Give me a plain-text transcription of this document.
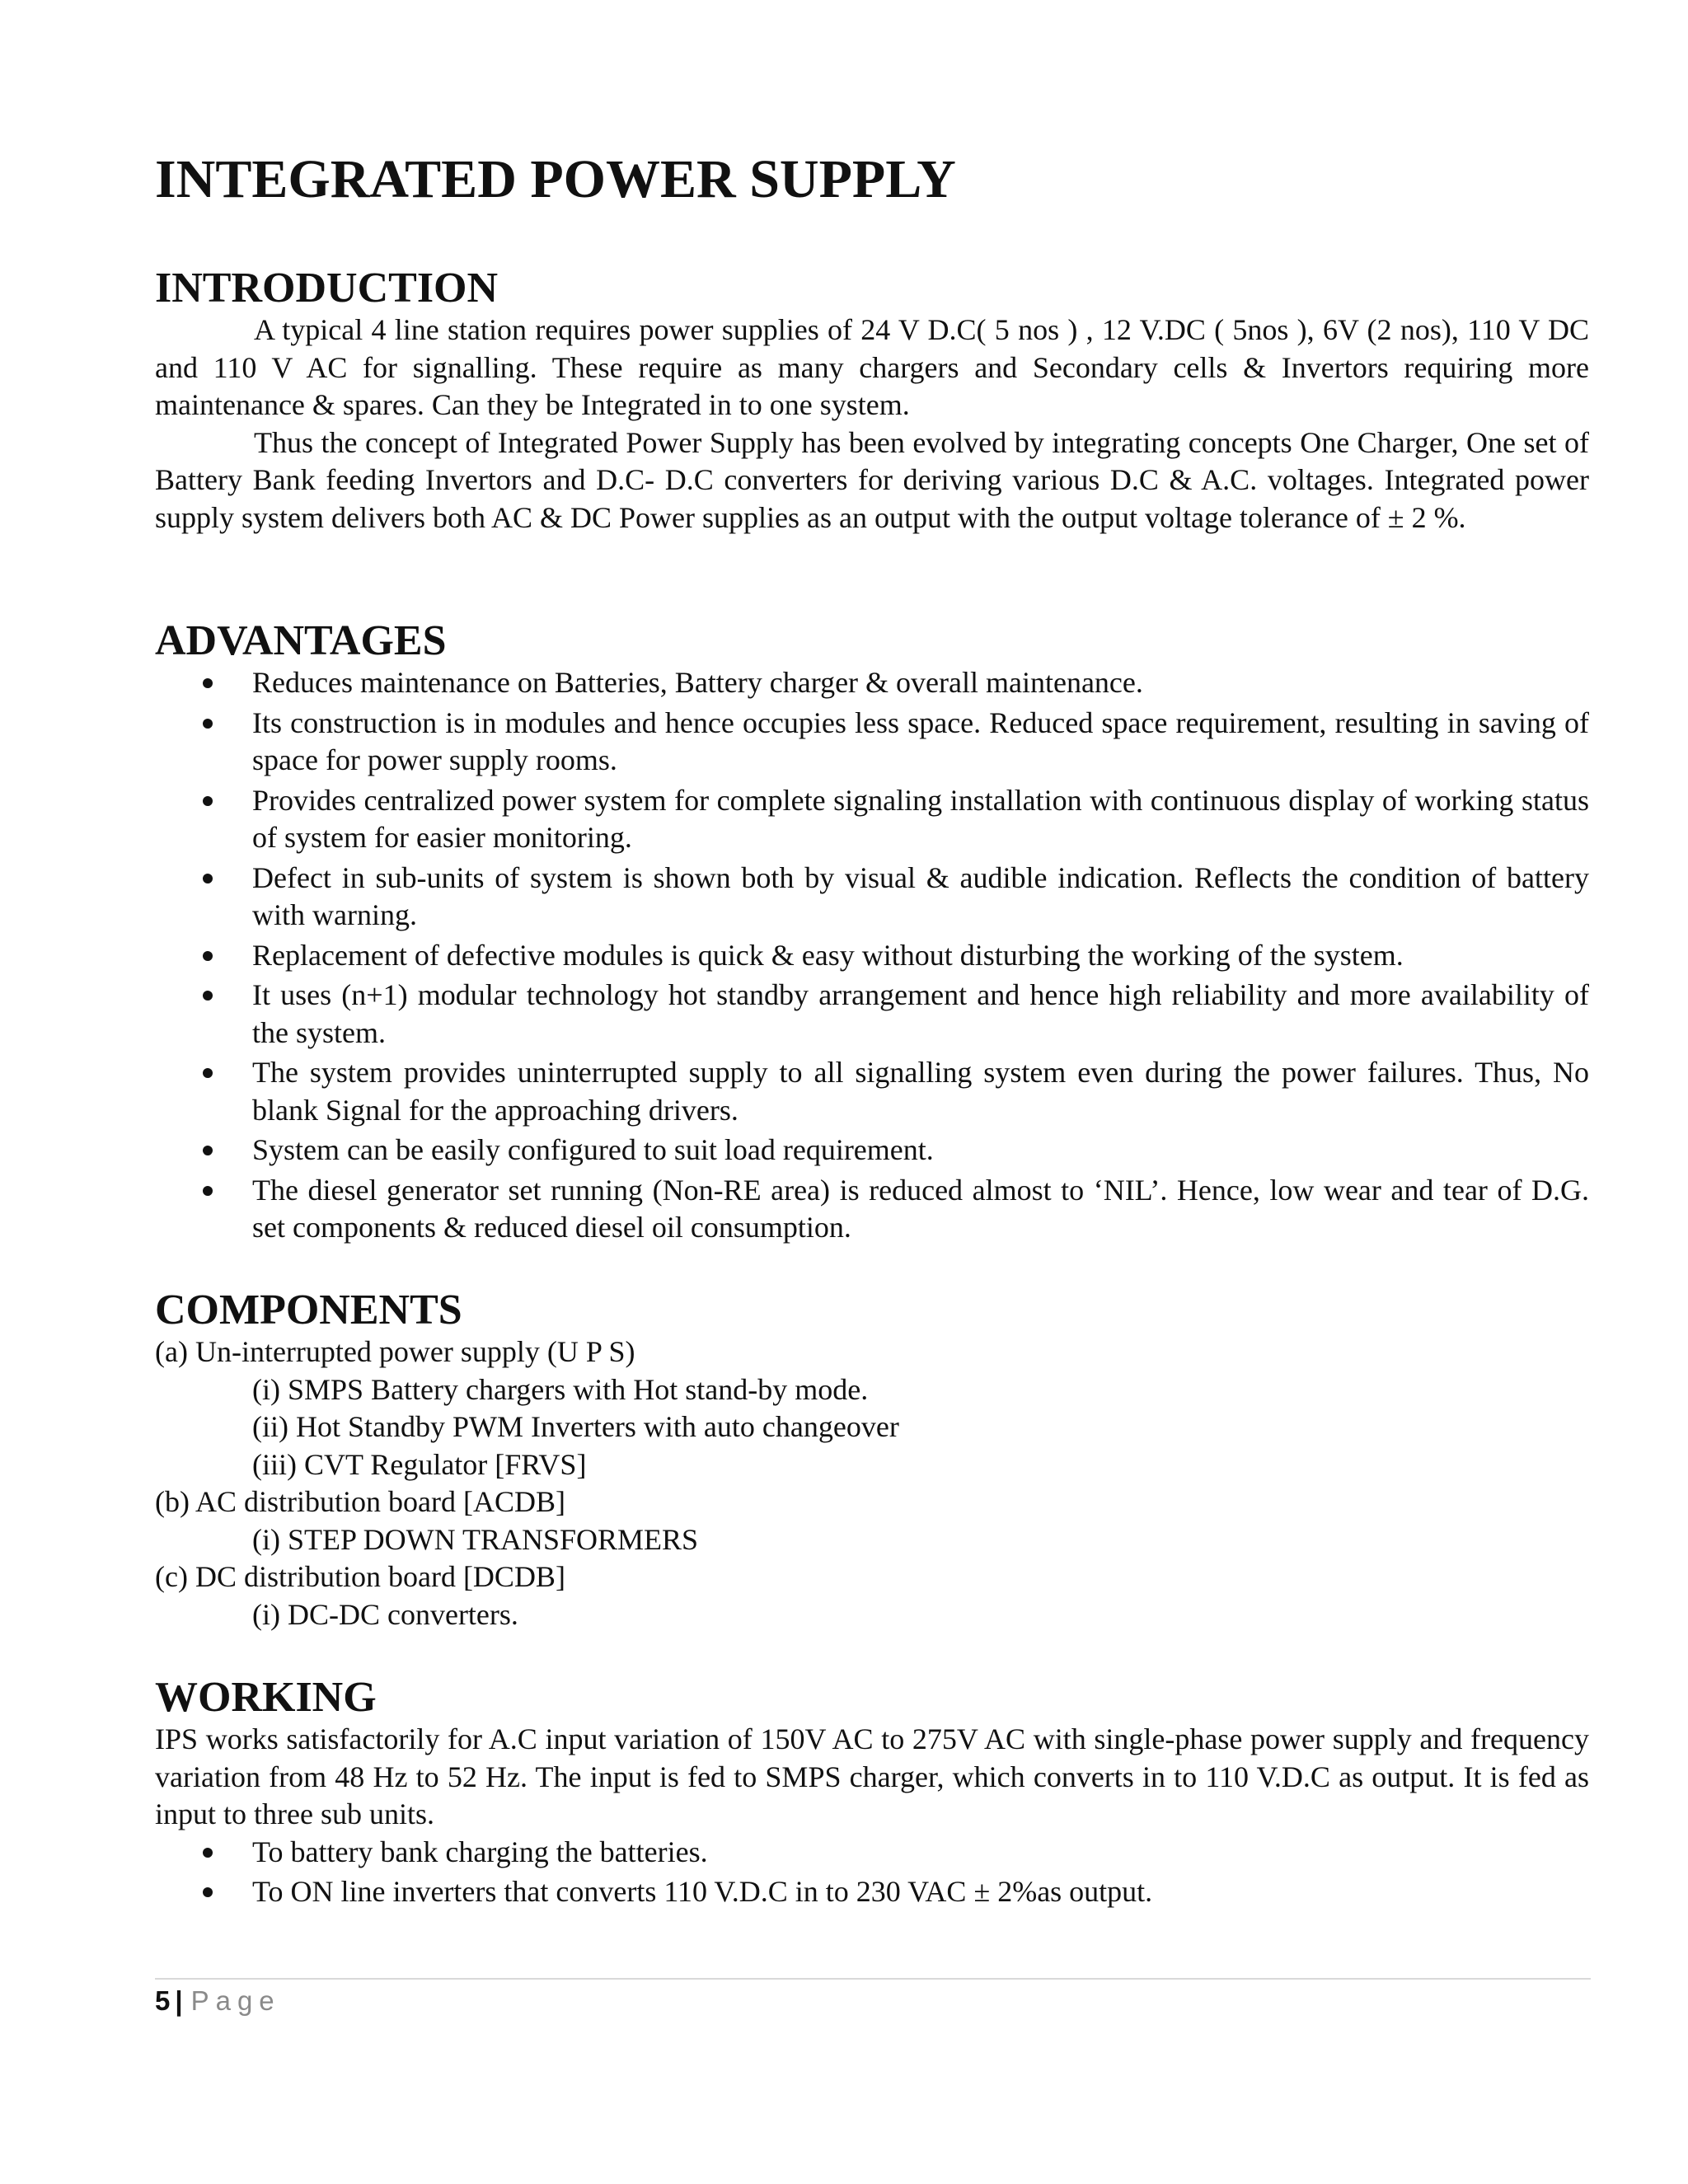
INTEGRATED POWER SUPPLY
INTRODUCTION

A typical 4 line station requires power supplies of 24 V D.C( 5 nos ) , 12 V.DC ( 5nos ), 6V (2 nos), 110 V DC and 110 V AC for signalling. These require as many chargers and Secondary cells & Invertors requiring more maintenance & spares. Can they be Integrated in to one system.

Thus the concept of Integrated Power Supply has been evolved by integrating concepts One Charger, One set of Battery Bank feeding Invertors and D.C- D.C converters for deriving various D.C & A.C. voltages. Integrated power supply system delivers both AC & DC Power supplies as an output with the output voltage tolerance of ± 2 %.

ADVANTAGES
Reduces maintenance on Batteries, Battery charger & overall maintenance.
Its construction is in modules and hence occupies less space. Reduced space requirement, resulting in saving of space for power supply rooms.
Provides centralized power system for complete signaling installation with continuous display of working status of system for easier monitoring.
Defect in sub-units of system is shown both by visual & audible indication. Reflects the condition of battery with warning.
Replacement of defective modules is quick & easy without disturbing the working of the system.
It uses (n+1) modular technology hot standby arrangement and hence high reliability and more availability of the system.
The system provides uninterrupted supply to all signalling system even during the power failures. Thus, No blank Signal for the approaching drivers.
System can be easily configured to suit load requirement.
The diesel generator set running (Non-RE area) is reduced almost to ‘NIL’. Hence, low wear and tear of D.G. set components & reduced diesel oil consumption.
COMPONENTS

(a) Un-interrupted power supply (U P S)

(i) SMPS Battery chargers with Hot stand-by mode.

(ii) Hot Standby PWM Inverters with auto changeover

(iii) CVT Regulator [FRVS]

(b) AC distribution board [ACDB]

(i) STEP DOWN TRANSFORMERS

(c) DC distribution board [DCDB]

(i) DC-DC converters.

WORKING

IPS works satisfactorily for A.C input variation of 150V AC to 275V AC with single-phase power supply and frequency variation from 48 Hz to 52 Hz. The input is fed to SMPS charger, which converts in to 110 V.D.C as output. It is fed as input to three sub units.

To battery bank charging the batteries.
To ON line inverters that converts 110 V.D.C in to 230 VAC ± 2%as output.
5 | Page
